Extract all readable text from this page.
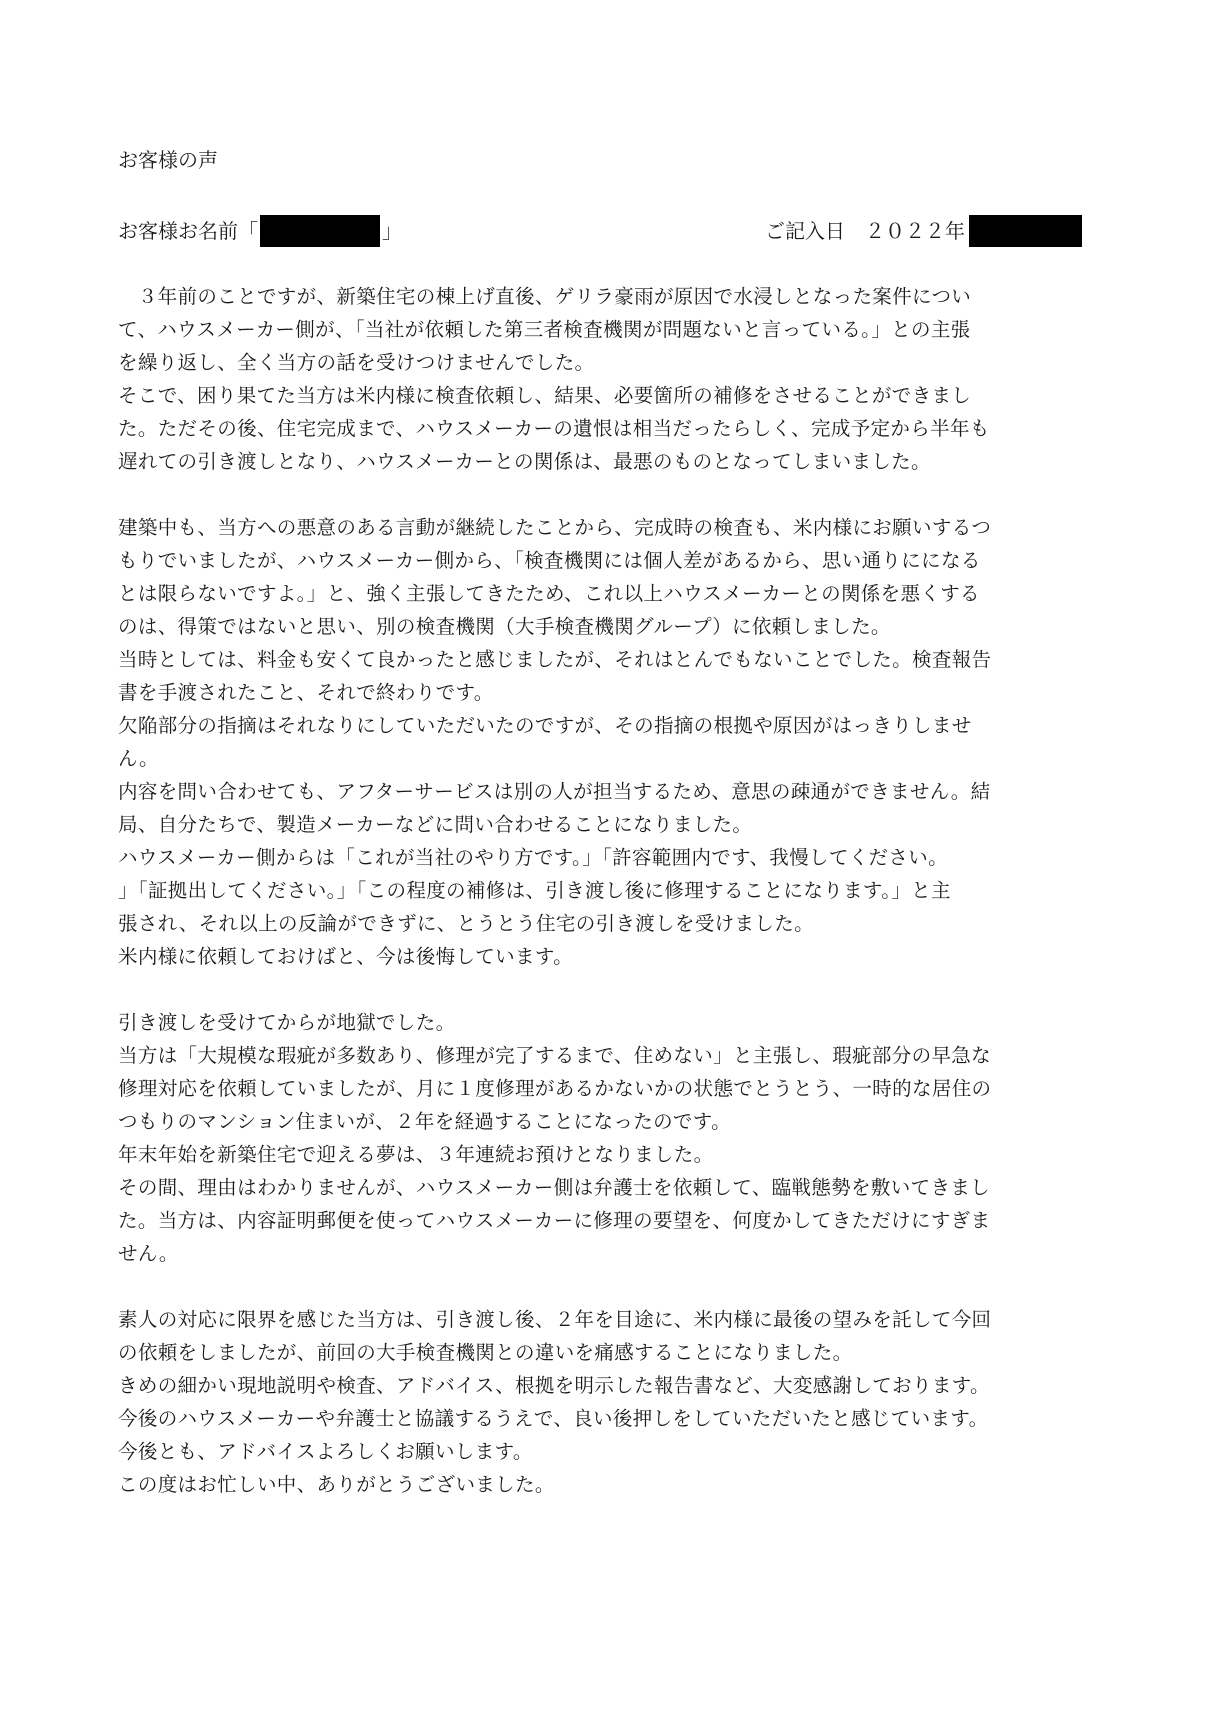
お客様の声
お客様お名前「	」	ご記入日　２０２２年
　３年前のことですが、新築住宅の棟上げ直後、ゲリラ豪雨が原因で水浸しとなった案件につい
て、ハウスメーカー側が、「当社が依頼した第三者検査機関が問題ないと言っている。」との主張
を繰り返し、全く当方の話を受けつけませんでした。
そこで、困り果てた当方は米内様に検査依頼し、結果、必要箇所の補修をさせることができまし
た。ただその後、住宅完成まで、ハウスメーカーの遺恨は相当だったらしく、完成予定から半年も
遅れての引き渡しとなり、ハウスメーカーとの関係は、最悪のものとなってしまいました。
建築中も、当方への悪意のある言動が継続したことから、完成時の検査も、米内様にお願いするつ
もりでいましたが、ハウスメーカー側から、「検査機関には個人差があるから、思い通りにになる
とは限らないですよ。」と、強く主張してきたため、これ以上ハウスメーカーとの関係を悪くする
のは、得策ではないと思い、別の検査機関（大手検査機関グループ）に依頼しました。
当時としては、料金も安くて良かったと感じましたが、それはとんでもないことでした。検査報告
書を手渡されたこと、それで終わりです。
欠陥部分の指摘はそれなりにしていただいたのですが、その指摘の根拠や原因がはっきりしませ
ん。
内容を問い合わせても、アフターサービスは別の人が担当するため、意思の疎通ができません。結
局、自分たちで、製造メーカーなどに問い合わせることになりました。
ハウスメーカー側からは「これが当社のやり方です。」「許容範囲内です、我慢してください。
」「証拠出してください。」「この程度の補修は、引き渡し後に修理することになります。」と主
張され、それ以上の反論ができずに、とうとう住宅の引き渡しを受けました。
米内様に依頼しておけばと、今は後悔しています。
引き渡しを受けてからが地獄でした。
当方は「大規模な瑕疵が多数あり、修理が完了するまで、住めない」と主張し、瑕疵部分の早急な
修理対応を依頼していましたが、月に１度修理があるかないかの状態でとうとう、一時的な居住の
つもりのマンション住まいが、２年を経過することになったのです。
年末年始を新築住宅で迎える夢は、３年連続お預けとなりました。
その間、理由はわかりませんが、ハウスメーカー側は弁護士を依頼して、臨戦態勢を敷いてきまし
た。当方は、内容証明郵便を使ってハウスメーカーに修理の要望を、何度かしてきただけにすぎま
せん。
素人の対応に限界を感じた当方は、引き渡し後、２年を目途に、米内様に最後の望みを託して今回
の依頼をしましたが、前回の大手検査機関との違いを痛感することになりました。
きめの細かい現地説明や検査、アドバイス、根拠を明示した報告書など、大変感謝しております。
今後のハウスメーカーや弁護士と協議するうえで、良い後押しをしていただいたと感じています。
今後とも、アドバイスよろしくお願いします。
この度はお忙しい中、ありがとうございました。
